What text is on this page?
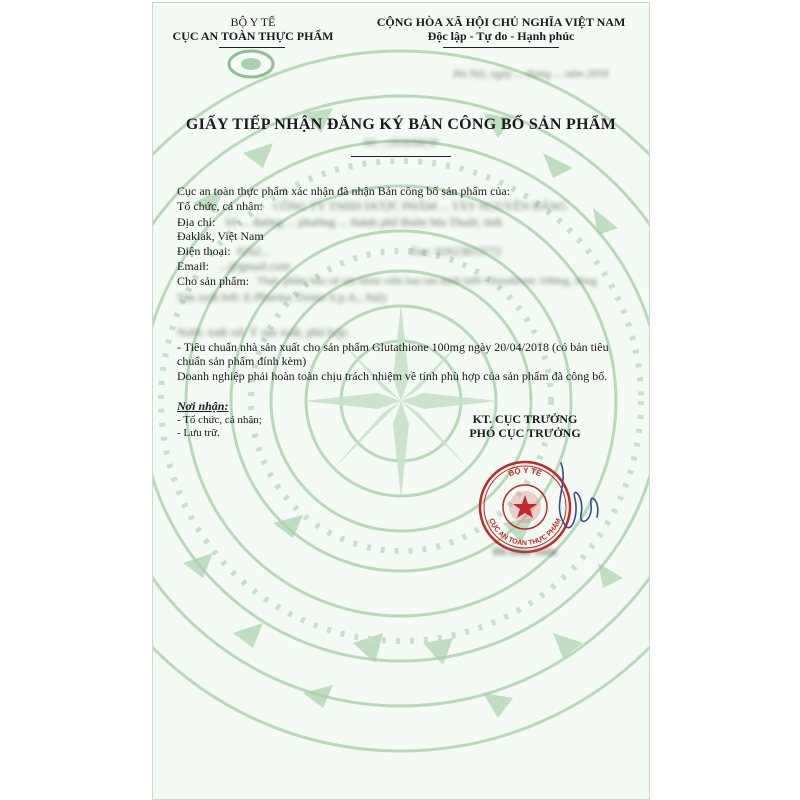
BỘ Y TẾ
CỤC AN TOÀN THỰC PHẨM
CỘNG HÒA XÃ HỘI CHỦ NGHĨA VIỆT NAM
Độc lập - Tự do - Hạnh phúc
Hà Nội, ngày ... tháng ... năm 2018
GIẤY TIẾP NHẬN ĐĂNG KÝ BẢN CÔNG BỐ SẢN PHẨM
Số: .../2018/ĐKSP
Cục an toàn thực phẩm xác nhận đã nhận Bản công bố sản phẩm của:
Tổ chức, cá nhân: CÔNG TY TNHH DƯỢC PHẨM ... TÂY NGUYÊN ĐĂNG
Địa chỉ: Số ... đường ... phường ... thành phố Buôn Ma Thuột, tỉnh
Đaklak, Việt Nam
Điện thoại: 0262...	Fax: 02623813772
Email: ...@gmail.com
Cho sản phẩm: Thực phẩm bảo vệ sức khỏe viên bao tan dưới lưỡi Glutathione 100mg, đóng
Sản xuất bởi: E-Pharma Trento S.p.A., Italy
Nước xuất xứ: Ý sản xuất, phù hợp:
- Tiêu chuẩn nhà sản xuất cho sản phẩm Glutathione 100mg ngày 20/04/2018 (có bản tiêu
chuẩn sản phẩm đính kèm)
Doanh nghiệp phải hoàn toàn chịu trách nhiệm về tính phù hợp của sản phẩm đã công bố.
Nơi nhận:
- Tổ chức, cá nhân;
- Lưu trữ.
KT. CỤC TRƯỞNG
PHÓ CỤC TRƯỞNG
BỘ Y TẾ
CỤC AN TOÀN THỰC PHẨM
Đỗ Hữu Tuấn
